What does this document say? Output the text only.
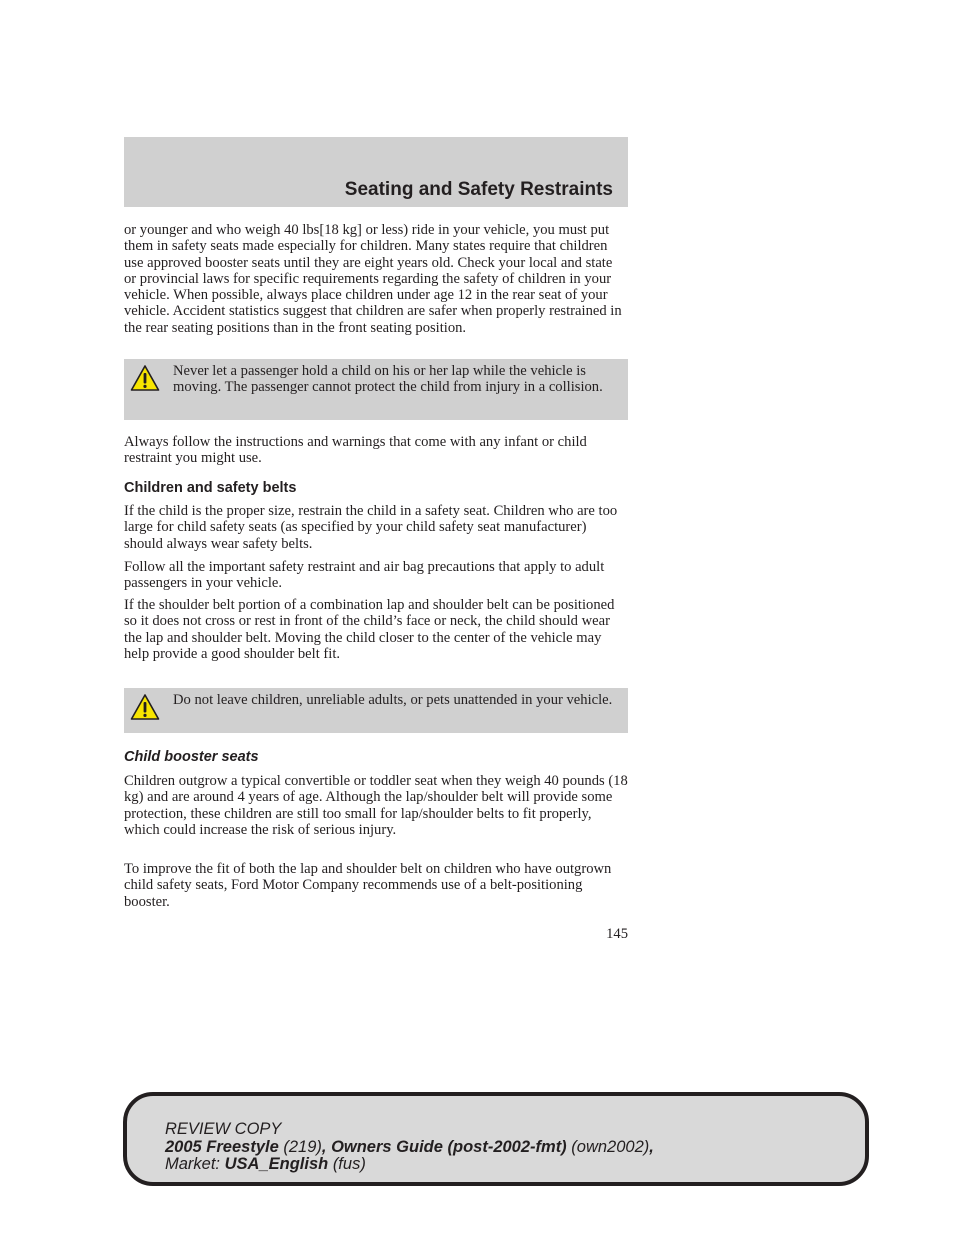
Seating and Safety Restraints

or younger and who weigh 40 lbs[18 kg] or less) ride in your vehicle, you must put them in safety seats made especially for children. Many states require that children use approved booster seats until they are eight years old. Check your local and state or provincial laws for specific requirements regarding the safety of children in your vehicle. When possible, always place children under age 12 in the rear seat of your vehicle. Accident statistics suggest that children are safer when properly restrained in the rear seating positions than in the front seating position.

Never let a passenger hold a child on his or her lap while the vehicle is moving. The passenger cannot protect the child from injury in a collision.

Always follow the instructions and warnings that come with any infant or child restraint you might use.

Children and safety belts

If the child is the proper size, restrain the child in a safety seat. Children who are too large for child safety seats (as specified by your child safety seat manufacturer) should always wear safety belts.

Follow all the important safety restraint and air bag precautions that apply to adult passengers in your vehicle.

If the shoulder belt portion of a combination lap and shoulder belt can be positioned so it does not cross or rest in front of the child’s face or neck, the child should wear the lap and shoulder belt. Moving the child closer to the center of the vehicle may help provide a good shoulder belt fit.

Do not leave children, unreliable adults, or pets unattended in your vehicle.

Child booster seats

Children outgrow a typical convertible or toddler seat when they weigh 40 pounds (18 kg) and are around 4 years of age. Although the lap/shoulder belt will provide some protection, these children are still too small for lap/shoulder belts to fit properly, which could increase the risk of serious injury.

To improve the fit of both the lap and shoulder belt on children who have outgrown child safety seats, Ford Motor Company recommends use of a belt-positioning booster.

145
REVIEW COPY
2005 Freestyle (219), Owners Guide (post-2002-fmt) (own2002),
Market: USA_English (fus)
